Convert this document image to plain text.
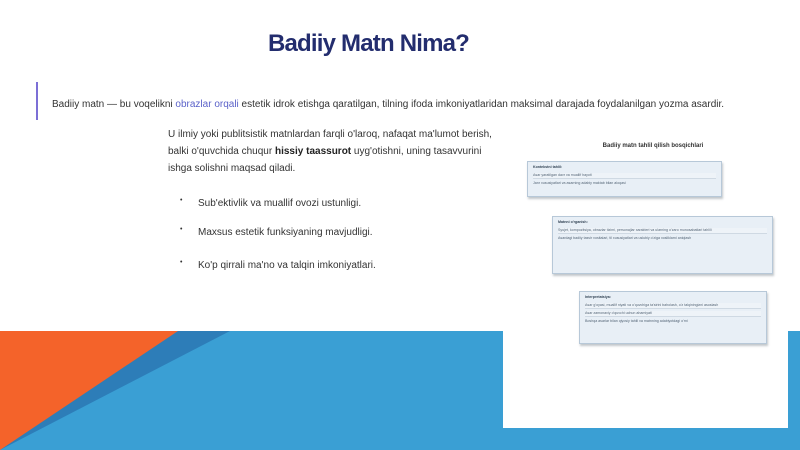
Badiiy Matn Nima?
Badiiy matn — bu voqelikni obrazlar orqali estetik idrok etishga qaratilgan, tilning ifoda imkoniyatlaridan maksimal darajada foydalanilgan yozma asardir.
U ilmiy yoki publitsistik matnlardan farqli o'laroq, nafaqat ma'lumot berish, balki o'quvchida chuqur hissiy taassurot uyg'otishni, uning tasavvurini ishga solishni maqsad qiladi.
• Sub'ektivlik va muallif ovozi ustunligi.
• Maxsus estetik funksiyaning mavjudligi.
• Ko'p qirrali ma'no va talqin imkoniyatlari.
Badiiy matn tahlil qilish bosqichlari
Kontekstni tahlil:
Asar yaratilgan davr va muallif hayoti
Janr xususiyatlari va asarning adabiy maktab bilan aloqasi
Matnni o'rganish:
Syujet, kompozitsiya, obrazlar tizimi, personajlar xarakteri va ularning o'zaro munosabatlari tahlili
Asardagi badiiy tasvir vositalari, til xususiyatlari va uslubiy o'ziga xosliklarni aniqlash
Interpretatsiya:
Asar g'oyasi, muallif niyati va o'quvchiga ta'sirini baholash, o'z talqiningizni asoslash
Asar zamonaviy o'quvchi uchun ahamiyati
Boshqa asarlar bilan qiyosiy tahlil va matnning adabiyotdagi o'rni
